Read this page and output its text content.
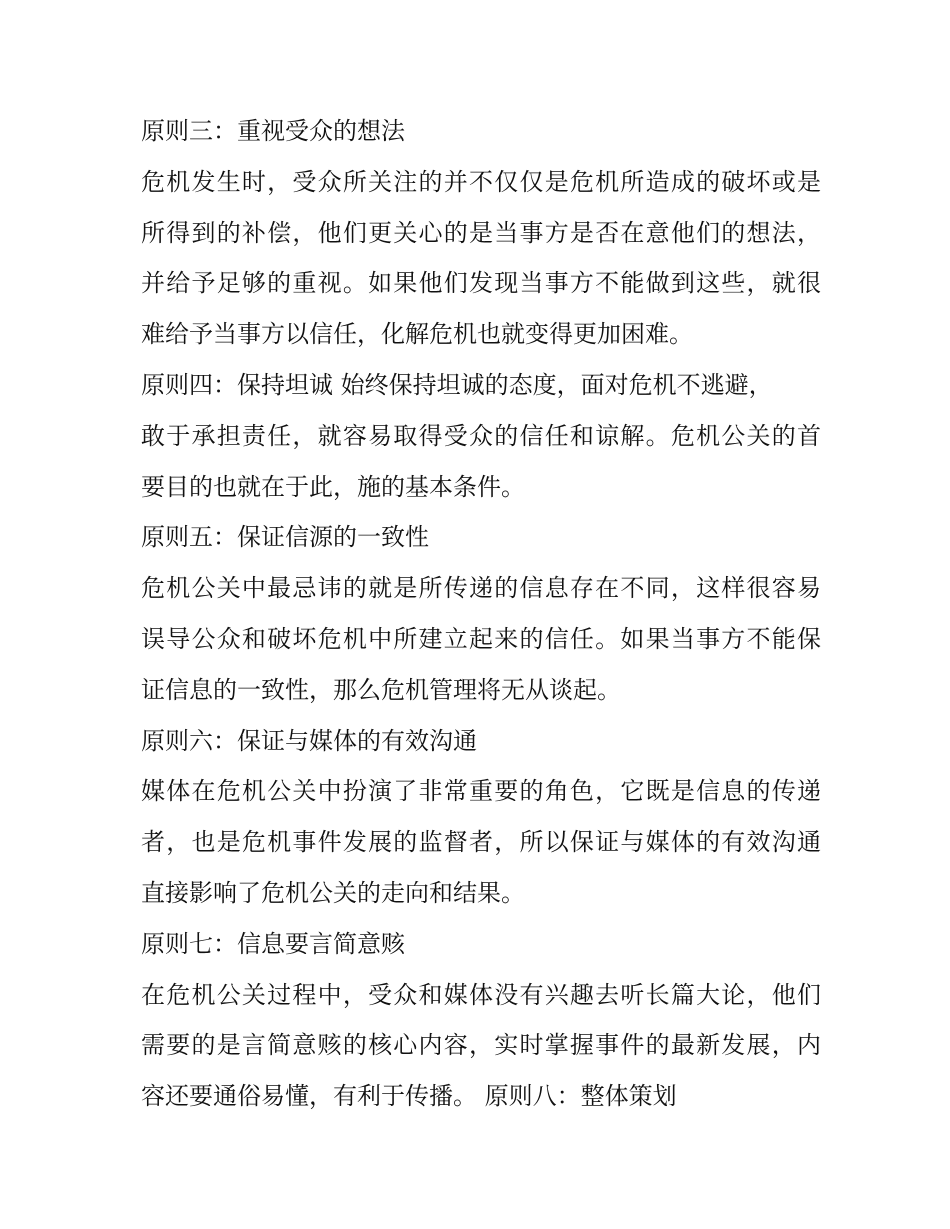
原则三：重视受众的想法
危机发生时，受众所关注的并不仅仅是危机所造成的破坏或是
所得到的补偿，他们更关心的是当事方是否在意他们的想法，
并给予足够的重视。如果他们发现当事方不能做到这些，就很
难给予当事方以信任，化解危机也就变得更加困难。
原则四：保持坦诚 始终保持坦诚的态度，面对危机不逃避，
敢于承担责任，就容易取得受众的信任和谅解。危机公关的首
要目的也就在于此，施的基本条件。
原则五：保证信源的一致性
危机公关中最忌讳的就是所传递的信息存在不同，这样很容易
误导公众和破坏危机中所建立起来的信任。如果当事方不能保
证信息的一致性，那么危机管理将无从谈起。
原则六：保证与媒体的有效沟通
媒体在危机公关中扮演了非常重要的角色，它既是信息的传递
者，也是危机事件发展的监督者，所以保证与媒体的有效沟通
直接影响了危机公关的走向和结果。
原则七：信息要言简意赅
在危机公关过程中，受众和媒体没有兴趣去听长篇大论，他们
需要的是言简意赅的核心内容，实时掌握事件的最新发展，内
容还要通俗易懂，有利于传播。 原则八：整体策划
